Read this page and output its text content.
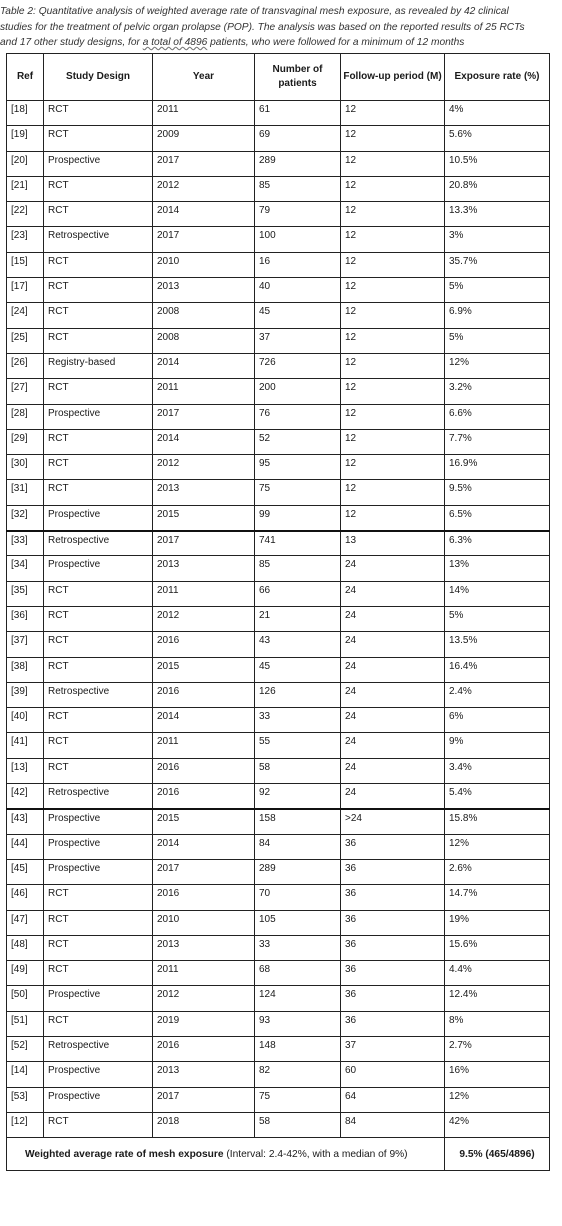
Table 2: Quantitative analysis of weighted average rate of transvaginal mesh exposure, as revealed by 42 clinical
studies for the treatment of pelvic organ prolapse (POP). The analysis was based on the reported results of 25 RCTs
and 17 other study designs, for a total of 4896 patients, who were followed for a minimum of 12 months
Ref	Study Design	Year	Number of patients	Follow-up period (M)	Exposure rate (%)
[18]	RCT	2011	61	12	4%
[19]	RCT	2009	69	12	5.6%
[20]	Prospective	2017	289	12	10.5%
[21]	RCT	2012	85	12	20.8%
[22]	RCT	2014	79	12	13.3%
[23]	Retrospective	2017	100	12	3%
[15]	RCT	2010	16	12	35.7%
[17]	RCT	2013	40	12	5%
[24]	RCT	2008	45	12	6.9%
[25]	RCT	2008	37	12	5%
[26]	Registry-based	2014	726	12	12%
[27]	RCT	2011	200	12	3.2%
[28]	Prospective	2017	76	12	6.6%
[29]	RCT	2014	52	12	7.7%
[30]	RCT	2012	95	12	16.9%
[31]	RCT	2013	75	12	9.5%
[32]	Prospective	2015	99	12	6.5%
[33]	Retrospective	2017	741	13	6.3%
[34]	Prospective	2013	85	24	13%
[35]	RCT	2011	66	24	14%
[36]	RCT	2012	21	24	5%
[37]	RCT	2016	43	24	13.5%
[38]	RCT	2015	45	24	16.4%
[39]	Retrospective	2016	126	24	2.4%
[40]	RCT	2014	33	24	6%
[41]	RCT	2011	55	24	9%
[13]	RCT	2016	58	24	3.4%
[42]	Retrospective	2016	92	24	5.4%
[43]	Prospective	2015	158	>24	15.8%
[44]	Prospective	2014	84	36	12%
[45]	Prospective	2017	289	36	2.6%
[46]	RCT	2016	70	36	14.7%
[47]	RCT	2010	105	36	19%
[48]	RCT	2013	33	36	15.6%
[49]	RCT	2011	68	36	4.4%
[50]	Prospective	2012	124	36	12.4%
[51]	RCT	2019	93	36	8%
[52]	Retrospective	2016	148	37	2.7%
[14]	Prospective	2013	82	60	16%
[53]	Prospective	2017	75	64	12%
[12]	RCT	2018	58	84	42%
Weighted average rate of mesh exposure (Interval: 2.4-42%, with a median of 9%)					9.5% (465/4896)
